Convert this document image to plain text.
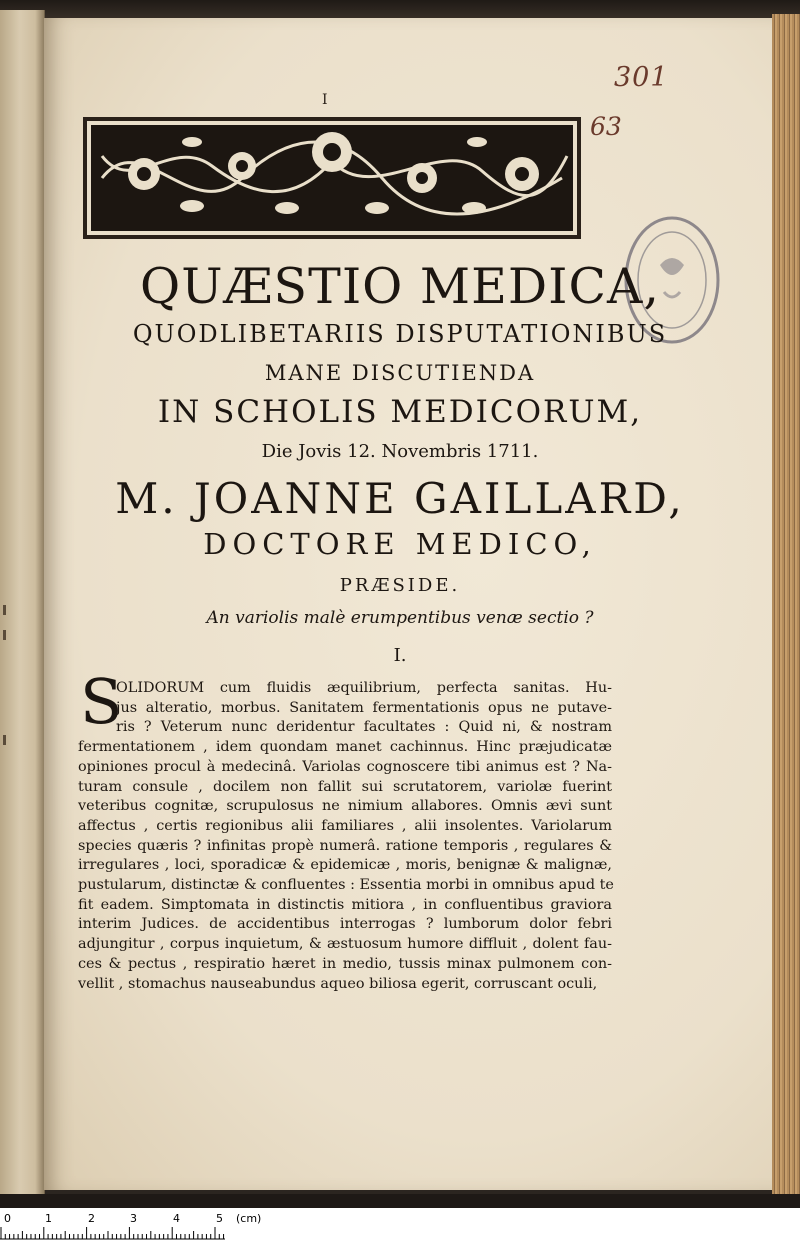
301
63
I
QUÆSTIO MEDICA,
QUODLIBETARIIS DISPUTATIONIBUS
MANE DISCUTIENDA
IN SCHOLIS MEDICORUM,
Die Jovis 12. Novembris 1711.
M. JOANNE GAILLARD,
DOCTORE MEDICO,
PRÆSIDE.
An variolis malè erumpentibus venæ sectio ?
I.
S
OLIDORUM cum fluidis æquilibrium, perfecta sanitas. Hu-
jus alteratio, morbus. Sanitatem fermentationis opus ne putave-
ris ? Veterum nunc deridentur facultates : Quid ni, & nostram
fermentationem , idem quondam manet cachinnus. Hinc præjudicatæ
opiniones procul à medecinâ. Variolas cognoscere tibi animus est ? Na-
turam consule , docilem non fallit sui scrutatorem, variolæ fuerint
veteribus cognitæ, scrupulosus ne nimium allabores. Omnis ævi sunt
affectus , certis regionibus alii familiares , alii insolentes. Variolarum
species quæris ? infinitas propè numerâ. ratione temporis , regulares &
irregulares , loci, sporadicæ & epidemicæ , moris, benignæ & malignæ,
pustularum, distinctæ & confluentes : Essentia morbi in omnibus apud te
fit eadem. Simptomata in distinctis mitiora , in confluentibus graviora
interim Judices. de accidentibus interrogas ? lumborum dolor febri
adjungitur , corpus inquietum, & æstuosum humore diffluit , dolent fau-
ces & pectus , respiratio hæret in medio, tussis minax pulmonem con-
vellit , stomachus nauseabundus aqueo biliosa egerit, corruscant oculi,
0	1	2	3	4	5 (cm)
